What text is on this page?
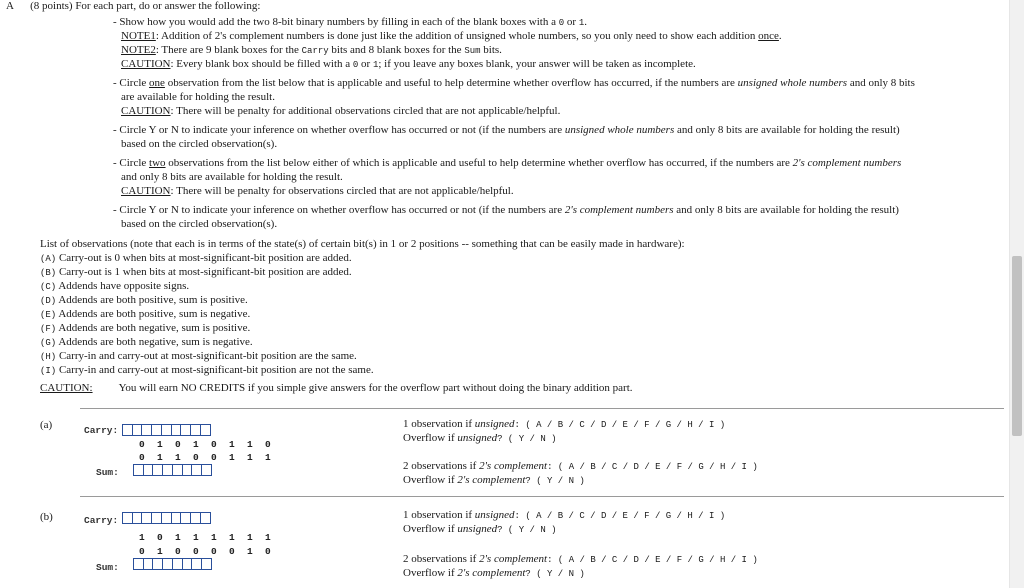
A (8 points) For each part, do or answer the following:
- Show how you would add the two 8-bit binary numbers by filling in each of the blank boxes with a 0 or 1.
NOTE1: Addition of 2's complement numbers is done just like the addition of unsigned whole numbers, so you only need to show each addition once.
NOTE2: There are 9 blank boxes for the Carry bits and 8 blank boxes for the Sum bits.
CAUTION: Every blank box should be filled with a 0 or 1; if you leave any boxes blank, your answer will be taken as incomplete.
- Circle one observation from the list below that is applicable and useful to help determine whether overflow has occurred, if the numbers are unsigned whole numbers and only 8 bits
are available for holding the result.
CAUTION: There will be penalty for additional observations circled that are not applicable/helpful.
- Circle Y or N to indicate your inference on whether overflow has occurred or not (if the numbers are unsigned whole numbers and only 8 bits are available for holding the result)
based on the circled observation(s).
- Circle two observations from the list below either of which is applicable and useful to help determine whether overflow has occurred, if the numbers are 2's complement numbers
and only 8 bits are available for holding the result.
CAUTION: There will be penalty for observations circled that are not applicable/helpful.
- Circle Y or N to indicate your inference on whether overflow has occurred or not (if the numbers are 2's complement numbers and only 8 bits are available for holding the result)
based on the circled observation(s).
List of observations (note that each is in terms of the state(s) of certain bit(s) in 1 or 2 positions -- something that can be easily made in hardware):
(A) Carry-out is 0 when bits at most-significant-bit position are added.
(B) Carry-out is 1 when bits at most-significant-bit position are added.
(C) Addends have opposite signs.
(D) Addends are both positive, sum is positive.
(E) Addends are both positive, sum is negative.
(F) Addends are both negative, sum is positive.
(G) Addends are both negative, sum is negative.
(H) Carry-in and carry-out at most-significant-bit position are the same.
(I) Carry-in and carry-out at most-significant-bit position are not the same.
CAUTION: You will earn NO CREDITS if you simple give answers for the overflow part without doing the binary addition part.
(a)	Carry:
0 1 0 1 0 1 1 0
0 1 1 0 0 1 1 1
Sum:
1 observation if unsigned: ( A / B / C / D / E / F / G / H / I )
Overflow if unsigned? ( Y / N )
2 observations if 2's complement: ( A / B / C / D / E / F / G / H / I )
Overflow if 2's complement? ( Y / N )
(b)	Carry:
1 0 1 1 1 1 1 1
0 1 0 0 0 0 1 0
Sum:
1 observation if unsigned: ( A / B / C / D / E / F / G / H / I )
Overflow if unsigned? ( Y / N )
2 observations if 2's complement: ( A / B / C / D / E / F / G / H / I )
Overflow if 2's complement? ( Y / N )
